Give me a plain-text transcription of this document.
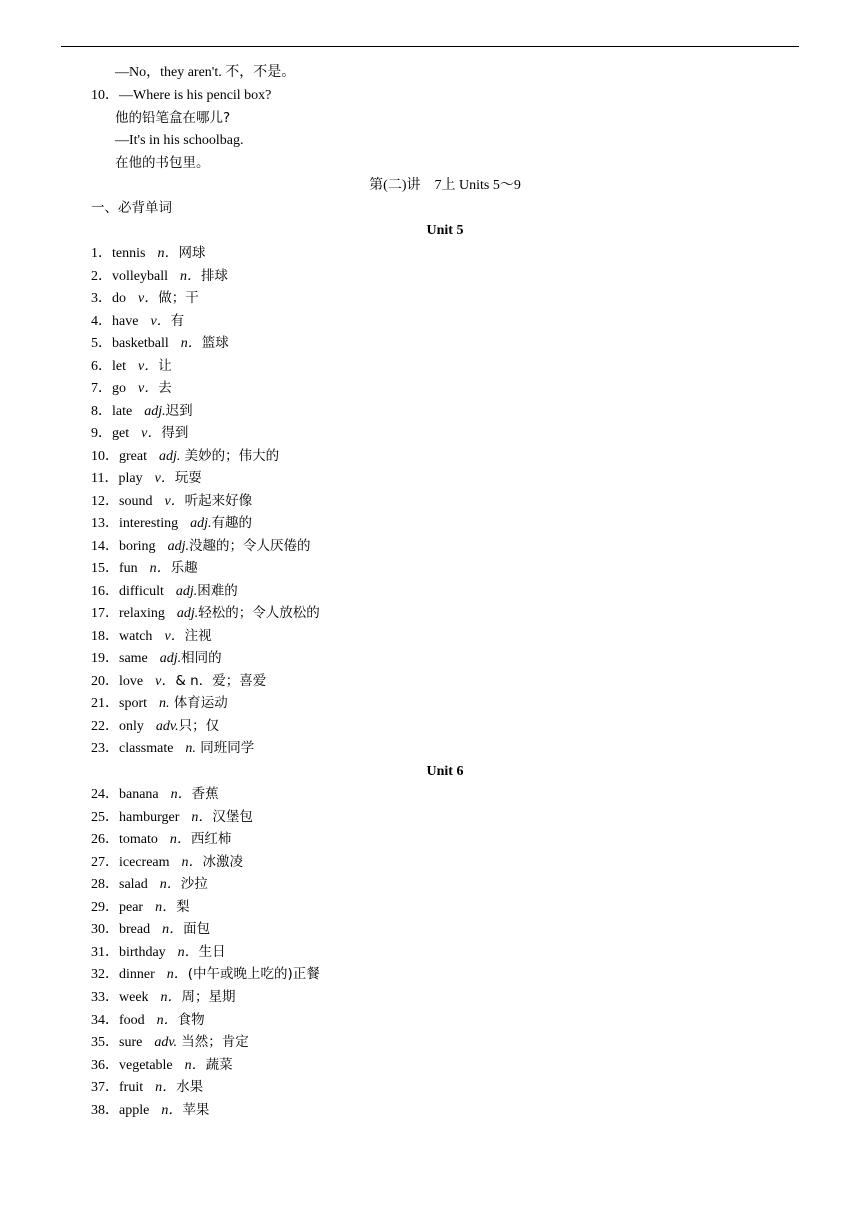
—No，they aren't. 不，不是。
10．—Where is his pencil box?
他的铅笔盒在哪儿?
—It's in his schoolbag.
在他的书包里。
第(二)讲　7上 Units 5～9
一、必背单词
Unit 5
1．tennis n．网球
2．volleyball n．排球
3．do v．做；干
4．have v．有
5．basketball n．篮球
6．let v．让
7．go v．去
8．late adj.迟到
9．get v．得到
10．great adj. 美妙的；伟大的
11．play v．玩耍
12．sound v．听起来好像
13．interesting adj.有趣的
14．boring adj.没趣的；令人厌倦的
15．fun n．乐趣
16．difficult adj.困难的
17．relaxing adj.轻松的；令人放松的
18．watch v．注视
19．same adj.相同的
20．love v．& n．爱；喜爱
21．sport n. 体育运动
22．only adv.只；仅
23．classmate n. 同班同学
Unit 6
24．banana n．香蕉
25．hamburger n．汉堡包
26．tomato n．西红柿
27．icecream n．冰激凌
28．salad n．沙拉
29．pear n．梨
30．bread n．面包
31．birthday n．生日
32．dinner n．(中午或晚上吃的)正餐
33．week n．周；星期
34．food n．食物
35．sure adv. 当然；肯定
36．vegetable n．蔬菜
37．fruit n．水果
38．apple n．苹果
